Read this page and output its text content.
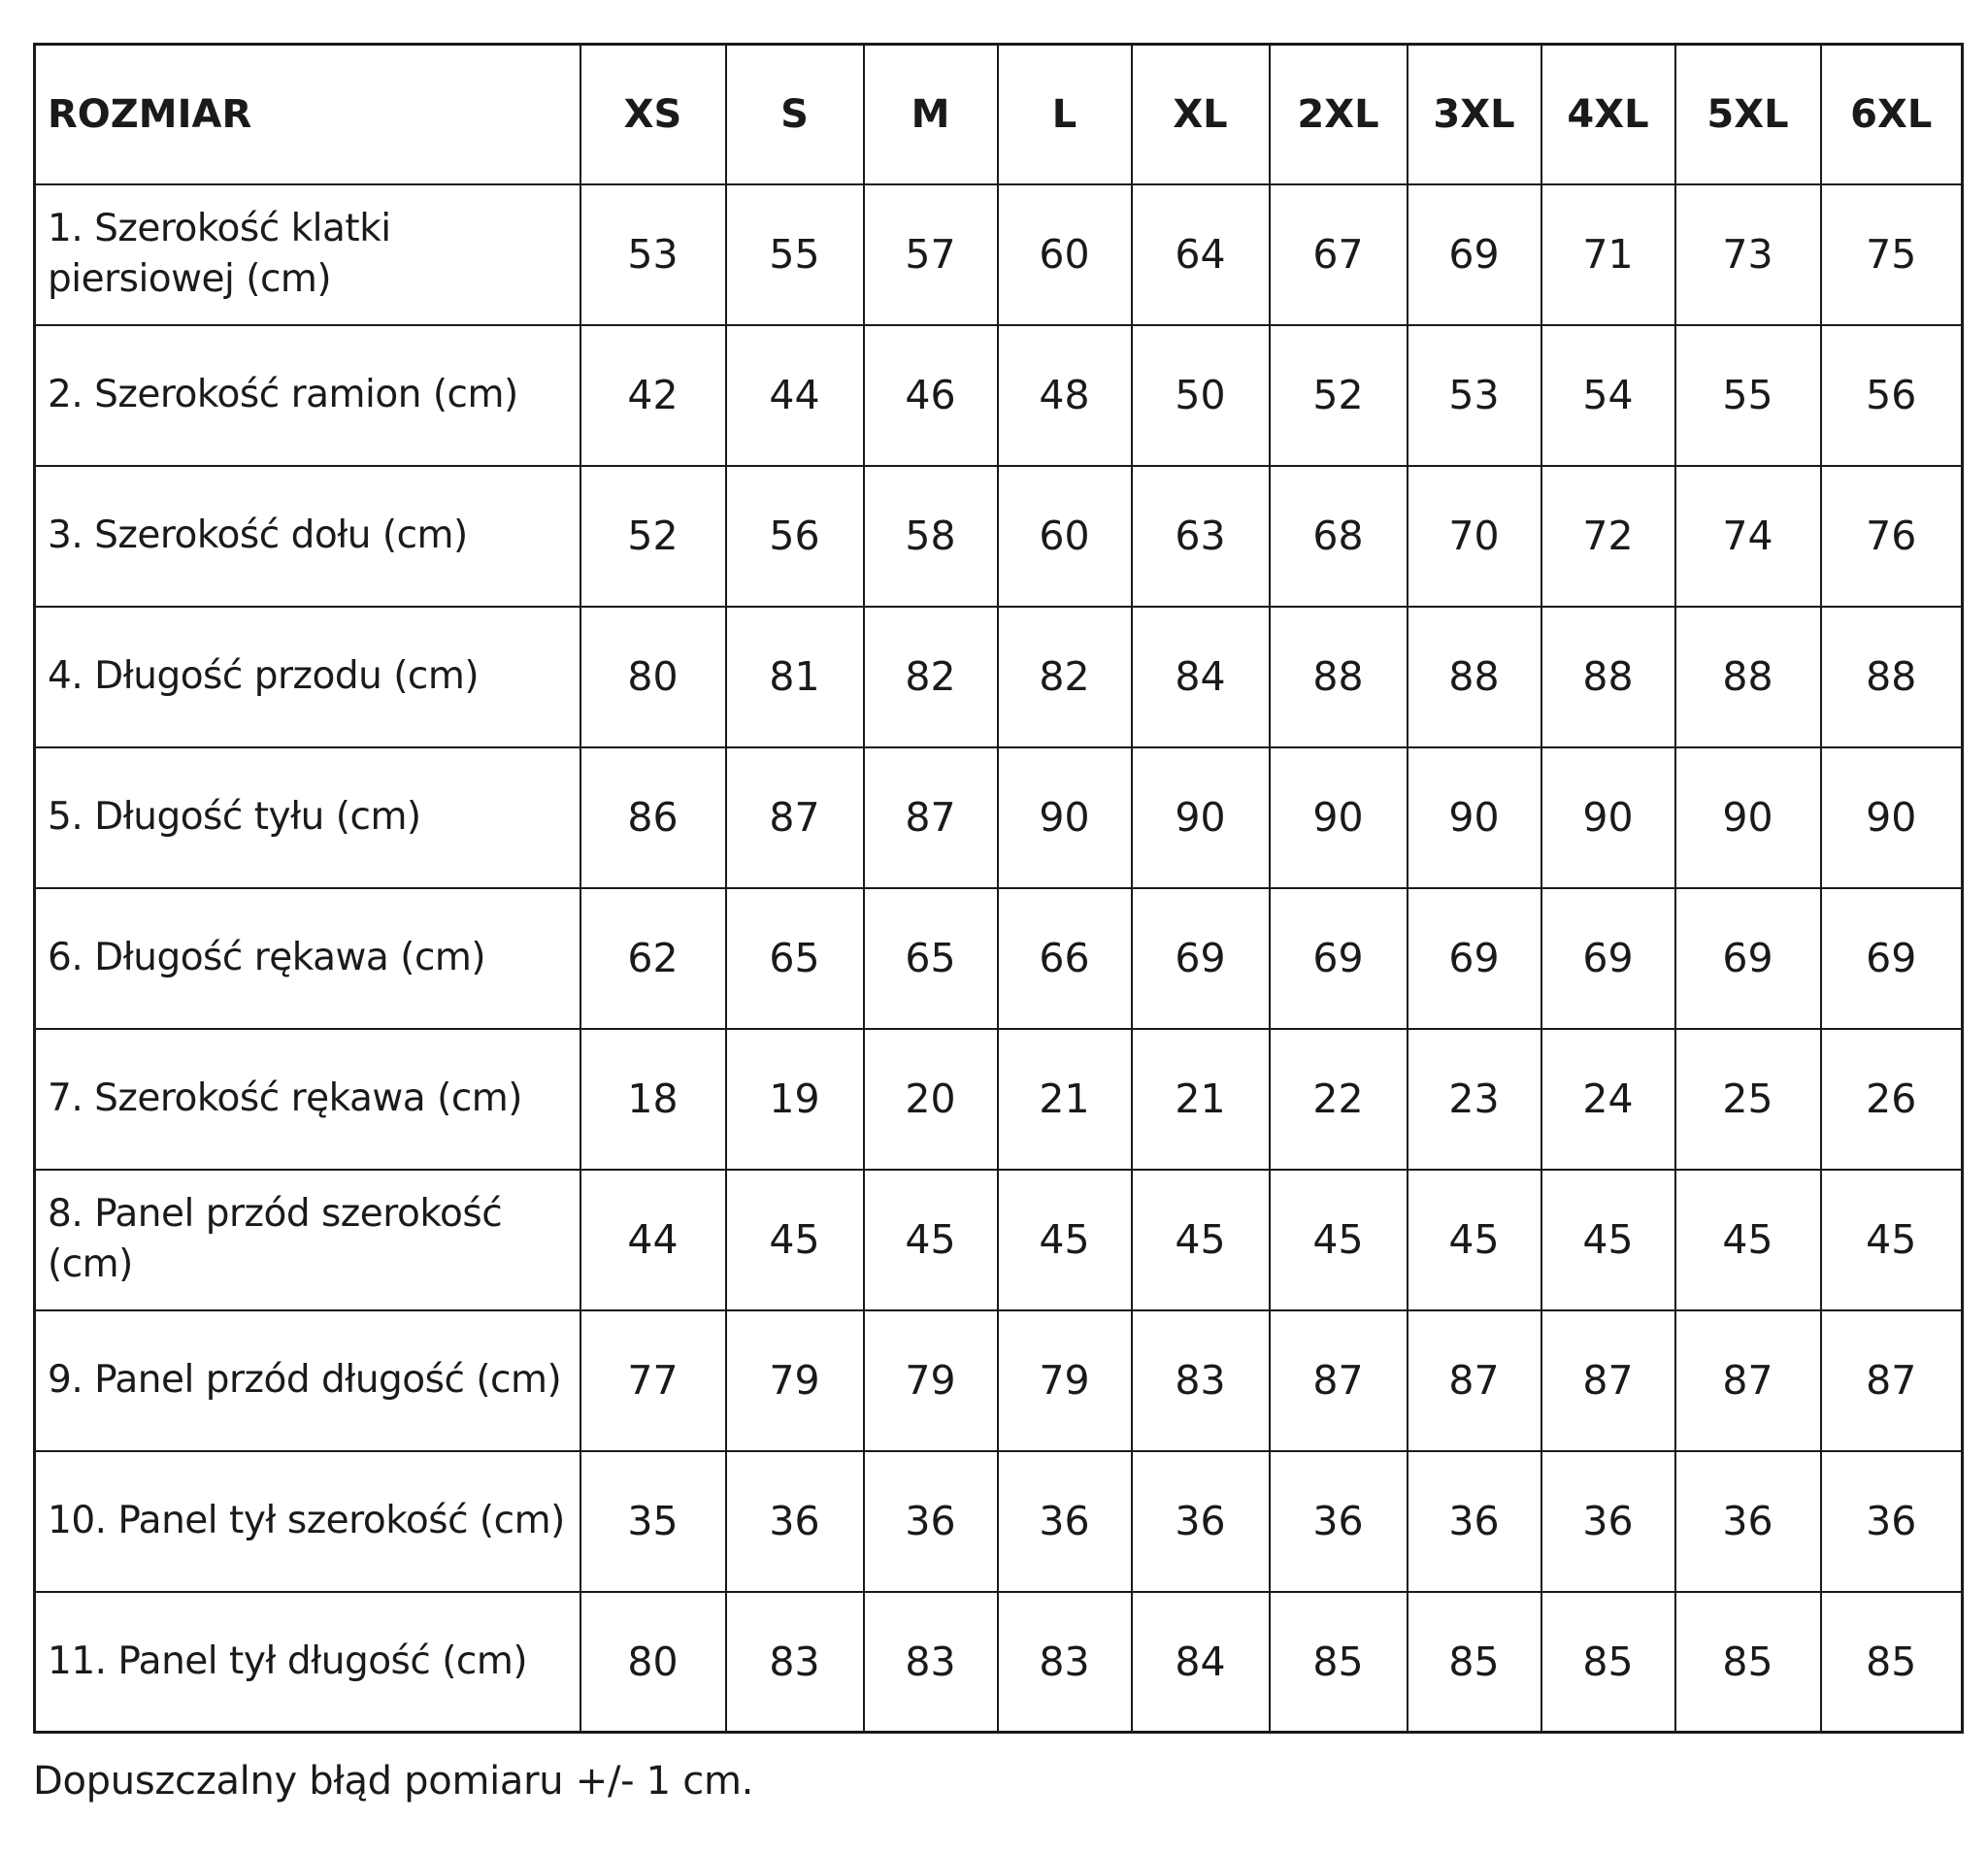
ROZMIAR	XS	S	M	L	XL	2XL	3XL	4XL	5XL	6XL
1. Szerokość klatki piersiowej (cm)	53	55	57	60	64	67	69	71	73	75
2. Szerokość ramion (cm)	42	44	46	48	50	52	53	54	55	56
3. Szerokość dołu (cm)	52	56	58	60	63	68	70	72	74	76
4. Długość przodu (cm)	80	81	82	82	84	88	88	88	88	88
5. Długość tyłu (cm)	86	87	87	90	90	90	90	90	90	90
6. Długość rękawa (cm)	62	65	65	66	69	69	69	69	69	69
7. Szerokość rękawa (cm)	18	19	20	21	21	22	23	24	25	26
8. Panel przód szerokość (cm)	44	45	45	45	45	45	45	45	45	45
9. Panel przód długość (cm)	77	79	79	79	83	87	87	87	87	87
10. Panel tył szerokość (cm)	35	36	36	36	36	36	36	36	36	36
11. Panel tył długość (cm)	80	83	83	83	84	85	85	85	85	85
Dopuszczalny błąd pomiaru +/- 1 cm.
